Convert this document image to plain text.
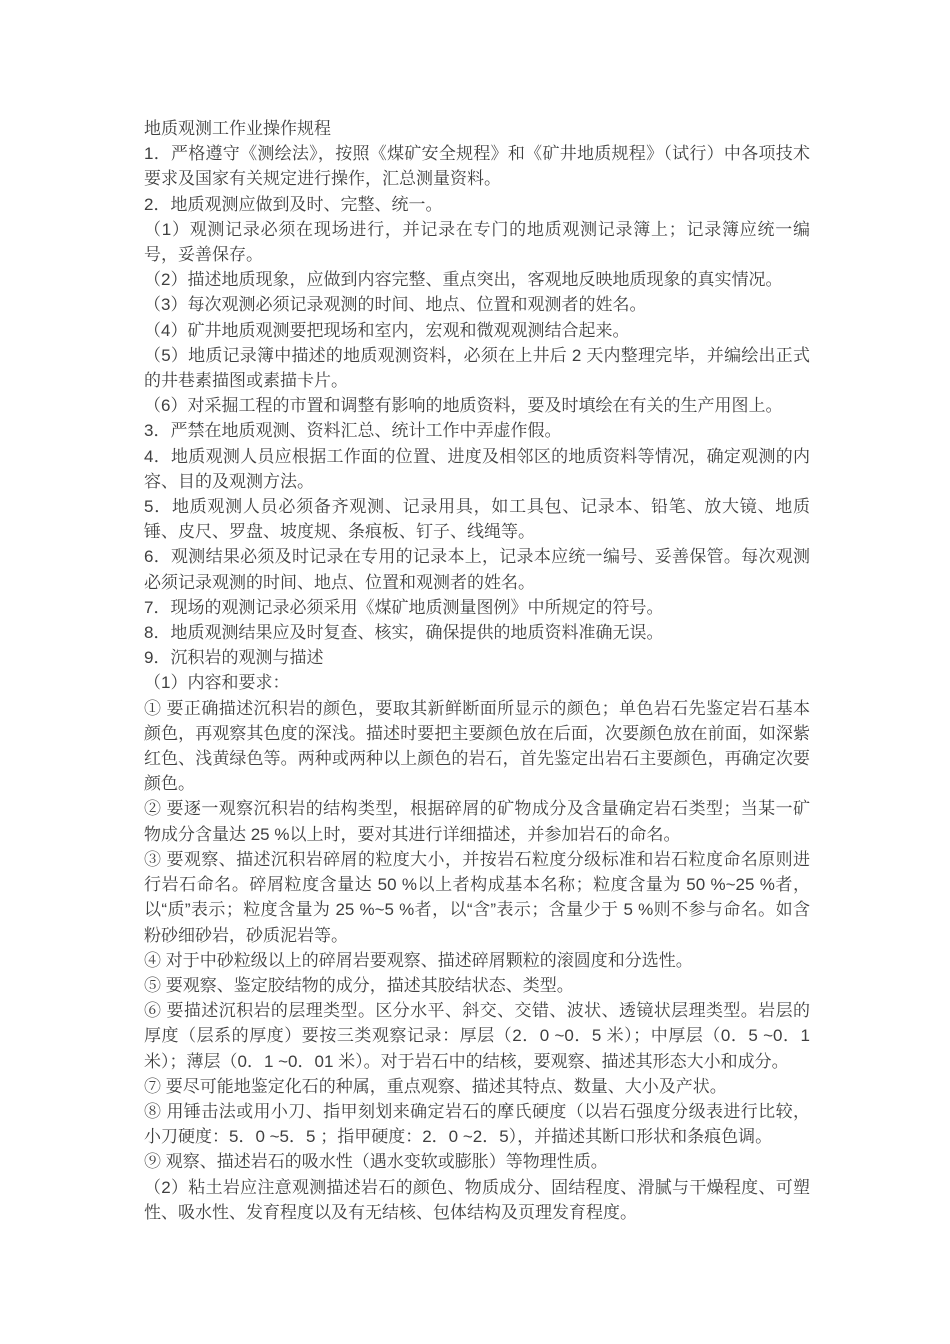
地质观测工作业操作规程

1．严格遵守《测绘法》，按照《煤矿安全规程》和《矿井地质规程》（试行）中各项技术要求及国家有关规定进行操作，汇总测量资料。

2．地质观测应做到及时、完整、统一。

（1）观测记录必须在现场进行，并记录在专门的地质观测记录簿上；记录簿应统一编号，妥善保存。

（2）描述地质现象，应做到内容完整、重点突出，客观地反映地质现象的真实情况。

（3）每次观测必须记录观测的时间、地点、位置和观测者的姓名。

（4）矿井地质观测要把现场和室内，宏观和微观观测结合起来。

（5）地质记录簿中描述的地质观测资料，必须在上井后 2 天内整理完毕，并编绘出正式的井巷素描图或素描卡片。

（6）对采掘工程的市置和调整有影响的地质资料，要及时填绘在有关的生产用图上。

3．严禁在地质观测、资料汇总、统计工作中弄虚作假。

4．地质观测人员应根据工作面的位置、进度及相邻区的地质资料等情况，确定观测的内容、目的及观测方法。

5．地质观测人员必须备齐观测、记录用具，如工具包、记录本、铅笔、放大镜、地质锤、皮尺、罗盘、坡度规、条痕板、钉子、线绳等。

6．观测结果必须及时记录在专用的记录本上，记录本应统一编号、妥善保管。每次观测必须记录观测的时间、地点、位置和观测者的姓名。

7．现场的观测记录必须采用《煤矿地质测量图例》中所规定的符号。

8．地质观测结果应及时复查、核实，确保提供的地质资料准确无误。

9．沉积岩的观测与描述

（1）内容和要求：

① 要正确描述沉积岩的颜色，要取其新鲜断面所显示的颜色；单色岩石先鉴定岩石基本颜色，再观察其色度的深浅。描述时要把主要颜色放在后面，次要颜色放在前面，如深紫红色、浅黄绿色等。两种或两种以上颜色的岩石，首先鉴定出岩石主要颜色，再确定次要颜色。

② 要逐一观察沉积岩的结构类型，根据碎屑的矿物成分及含量确定岩石类型；当某一矿物成分含量达 25 %以上时，要对其进行详细描述，并参加岩石的命名。

③ 要观察、描述沉积岩碎屑的粒度大小，并按岩石粒度分级标准和岩石粒度命名原则进行岩石命名。碎屑粒度含量达 50 %以上者构成基本名称；粒度含量为 50 %~25 %者，以“质”表示；粒度含量为 25 %~5 %者，以“含”表示；含量少于 5 %则不参与命名。如含粉砂细砂岩，砂质泥岩等。

④ 对于中砂粒级以上的碎屑岩要观察、描述碎屑颗粒的滚圆度和分选性。

⑤ 要观察、鉴定胶结物的成分，描述其胶结状态、类型。

⑥ 要描述沉积岩的层理类型。区分水平、斜交、交错、波状、透镜状层理类型。岩层的厚度（层系的厚度）要按三类观察记录：厚层（2．0 ~0．5 米）；中厚层（0．5 ~0．1 米）；薄层（0．1 ~0．01 米）。对于岩石中的结核，要观察、描述其形态大小和成分。

⑦ 要尽可能地鉴定化石的种属，重点观察、描述其特点、数量、大小及产状。

⑧ 用锤击法或用小刀、指甲刻划来确定岩石的摩氏硬度（以岩石强度分级表进行比较，小刀硬度：5．0 ~5．5 ；指甲硬度：2．0 ~2．5），并描述其断口形状和条痕色调。

⑨ 观察、描述岩石的吸水性（遇水变软或膨胀）等物理性质。

（2）粘土岩应注意观测描述岩石的颜色、物质成分、固结程度、滑腻与干燥程度、可塑性、吸水性、发育程度以及有无结核、包体结构及页理发育程度。
